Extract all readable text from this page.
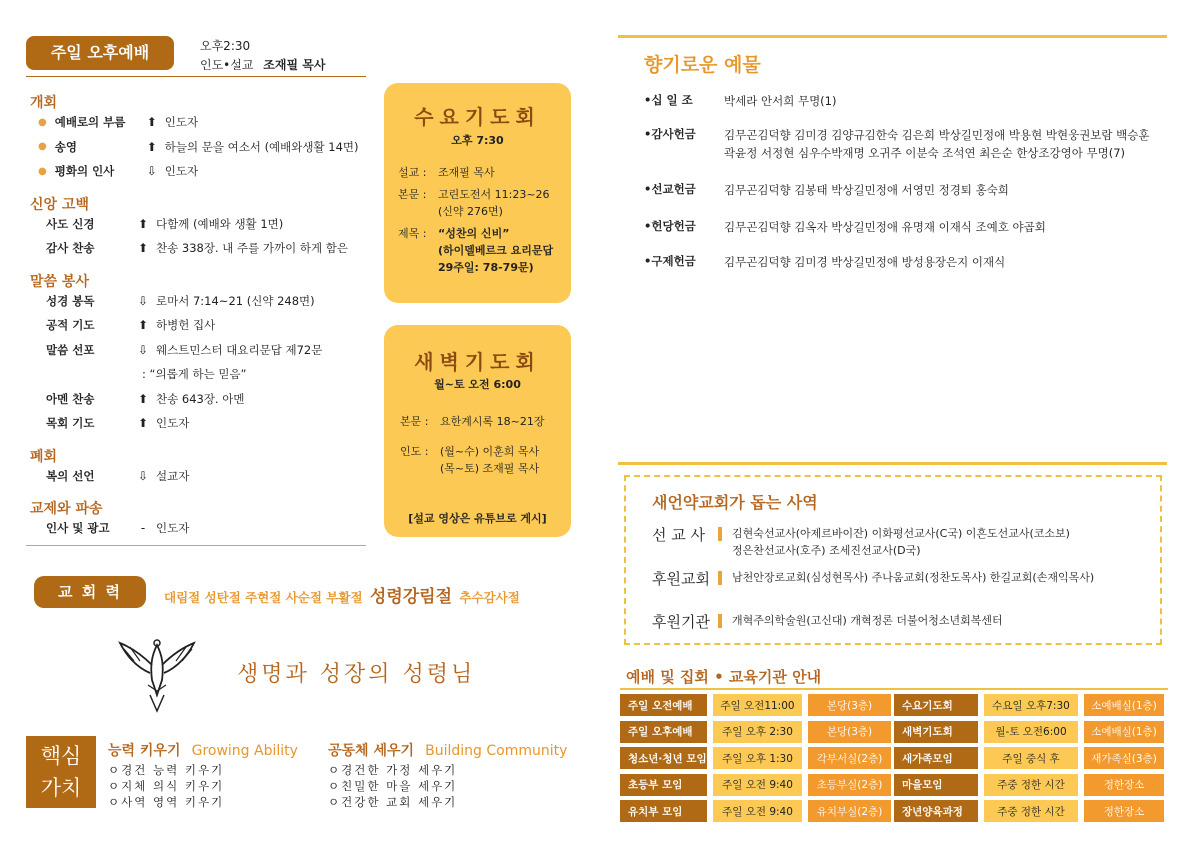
주일 오후예배	오후2:30
인도•설교 조재필 목사
개회
● 예배로의 부름	⬆ 인도자
● 송영	⬆ 하늘의 문을 여소서 (예배와생활 14면)
● 평화의 인사	⇩ 인도자
신앙 고백
사도 신경	⬆ 다함께 (예배와 생활 1면)
감사 찬송	⬆ 찬송 338장. 내 주를 가까이 하게 함은
말씀 봉사
성경 봉독	⇩ 로마서 7:14~21 (신약 248면)
공적 기도	⬆ 하병헌 집사
말씀 선포	⇩ 웨스트민스터 대요리문답 제72문
: “의롭게 하는 믿음”
아멘 찬송	⬆ 찬송 643장. 아멘
목회 기도	⬆ 인도자
폐회
복의 선언	⇩ 설교자
교제와 파송
인사 및 광고	- 인도자
수요기도회
오후 7:30
설교 :	조재필 목사
본문 :	고린도전서 11:23~26
(신약 276면)
제목 :	“성찬의 신비”
(하이델베르크 요리문답
29주일: 78-79문)
새벽기도회
월~토 오전 6:00
본문 :	요한계시록 18~21장
인도 :	(월~수) 이훈희 목사
(목~토) 조재필 목사
[설교 영상은 유튜브로 게시]
교 회 력	대림절 성탄절 주현절 사순절 부활절 성령강림절 추수감사절
생명과 성장의 성령님
핵심
가치
능력 키우기 Growing Ability
ㅇ경건 능력 키우기
ㅇ지체 의식 키우기
ㅇ사역 영역 키우기
공동체 세우기 Building Community
ㅇ경건한 가정 세우기
ㅇ친밀한 마을 세우기
ㅇ건강한 교회 세우기
향기로운 예물
•십 일 조	박세라 안서희 무명(1)
•감사헌금	김무곤김덕향 김미경 김양규김한숙 김은희 박상길민정애 박용현 박현웅권보람 백승훈 곽윤정 서정현 심우수박재명 오귀주 이분숙 조석연 최은순 한상조강영아 무명(7)
•선교헌금	김무곤김덕향 김봉태 박상길민정애 서영민 정경퇴 홍숙희
•헌당헌금	김무곤김덕향 김옥자 박상길민정애 유명재 이재식 조예호 야곱회
•구제헌금	김무곤김덕향 김미경 박상길민정애 방성용장은지 이재식
새언약교회가 돕는 사역
선 교 사	김현숙선교사(아제르바이잔) 이화평선교사(C국) 이흔도선교사(코소보)
정은찬선교사(호주) 조세진선교사(D국)
후원교회	남천안장로교회(심성현목사) 주나움교회(정찬도목사) 한길교회(손재익목사)
후원기관	개혁주의학술원(고신대) 개혁정론 더불어청소년회복센터
예배 및 집회 • 교육기관 안내
주일 오전예배	주일 오전11:00	본당(3층)	수요기도회	수요일 오후7:30	소예배실(1층)
주일 오후예배	주일 오후 2:30	본당(3층)	새벽기도회	월-토 오전6:00	소예배실(1층)
청소년·청년 모임	주일 오후 1:30	각부서실(2층)	새가족모임	주일 중식 후	새가족실(3층)
초등부 모임	주일 오전 9:40	초등부실(2층)	마을모임	주중 정한 시간	정한장소
유치부 모임	주일 오전 9:40	유치부실(2층)	장년양육과정	주중 정한 시간	정한장소
